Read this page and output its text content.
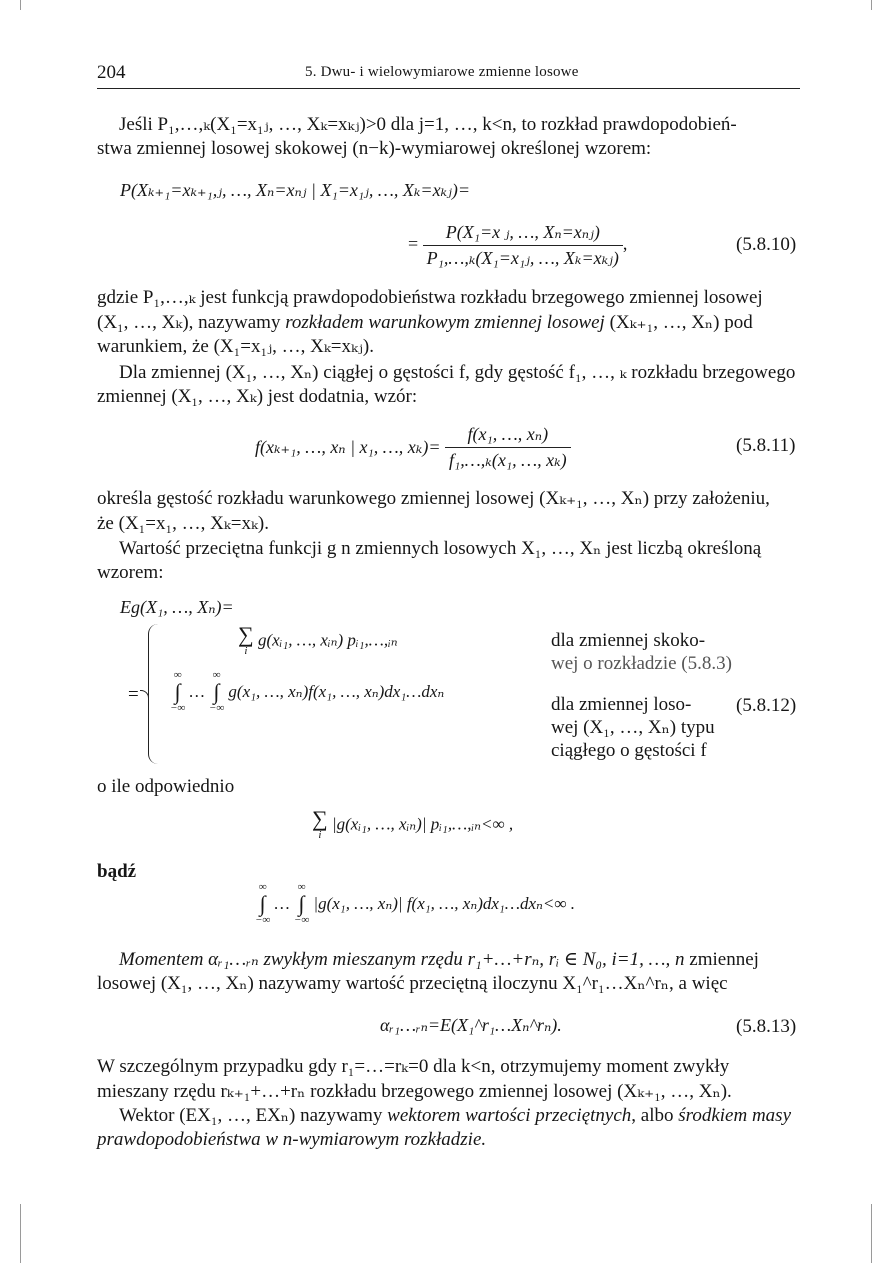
204	5. Dwu- i wielowymiarowe zmienne losowe
Jeśli P₁,…,ₖ(X₁=x₁ⱼ, …, Xₖ=xₖⱼ)>0 dla j=1, …, k<n, to rozkład prawdopodobień-
stwa zmiennej losowej skokowej (n−k)-wymiarowej określonej wzorem:
P(Xₖ₊₁=xₖ₊₁,ⱼ, …, Xₙ=xₙⱼ | X₁=x₁ⱼ, …, Xₖ=xₖⱼ)=
= $\frac{\text{P(X₁=x ⱼ, …, Xₙ=xₙⱼ)}}{\text{P₁,…,ₖ(X₁=x₁ⱼ, …, Xₖ=xₖⱼ)}}$ ,	(5.8.10)
gdzie P₁,…,ₖ jest funkcją prawdopodobieństwa rozkładu brzegowego zmiennej losowej
(X₁, …, Xₖ), nazywamy rozkładem warunkowym zmiennej losowej (Xₖ₊₁, …, Xₙ) pod
warunkiem, że (X₁=x₁ⱼ, …, Xₖ=xₖⱼ).
Dla zmiennej (X₁, …, Xₙ) ciągłej o gęstości f, gdy gęstość f₁, …, ₖ rozkładu brzegowego
zmiennej (X₁, …, Xₖ) jest dodatnia, wzór:
f(xₖ₊₁, …, xₙ | x₁, …, $x_k)= \frac{\text{f(x₁, …, xₙ)}}{\text{f₁,…,ₖ(x₁, …, xₖ)}}$	(5.8.11)
określa gęstość rozkładu warunkowego zmiennej losowej (Xₖ₊₁, …, Xₙ) przy założeniu,
że (X₁=x₁, …, Xₖ=xₖ).
Wartość przeciętna funkcji g n zmiennych losowych X₁, …, Xₙ jest liczbą określoną
wzorem:
Eg(X₁, …, Xₙ)=
=
∑
i
g(xᵢ₁, …, xᵢₙ) pᵢ₁,…,ᵢₙ	dla zmiennej skoko-
wej o rozkładzie (5.8.3)
∞
∫
−∞
…
∞
∫
−∞
g(x₁, …, xₙ)f(x₁, …, xₙ)dx₁…dxₙ
dla zmiennej loso-
wej (X₁, …, Xₙ) typu
ciągłego o gęstości f
(5.8.12)
o ile odpowiednio
∑
i
|g(xᵢ₁, …, xᵢₙ)| pᵢ₁,…,ᵢₙ<∞ ,
bądź
∞
∫
−∞
…
∞
∫
−∞
|g(x₁, …, xₙ)| f(x₁, …, xₙ)dx₁…dxₙ<∞ .
Momentem αᵣ₁…ᵣₙ zwykłym mieszanym rzędu r₁+…+rₙ, rᵢ ∈ N₀, i=1, …, n zmiennej
losowej (X₁, …, Xₙ) nazywamy wartość przeciętną iloczynu X₁^r₁…Xₙ^rₙ, a więc
αᵣ₁…ᵣₙ=E(X₁^r₁…Xₙ^rₙ).	(5.8.13)
W szczególnym przypadku gdy r₁=…=rₖ=0 dla k<n, otrzymujemy moment zwykły
mieszany rzędu rₖ₊₁+…+rₙ rozkładu brzegowego zmiennej losowej (Xₖ₊₁, …, Xₙ).
Wektor (EX₁, …, EXₙ) nazywamy wektorem wartości przeciętnych, albo środkiem masy
prawdopodobieństwa w n-wymiarowym rozkładzie.
